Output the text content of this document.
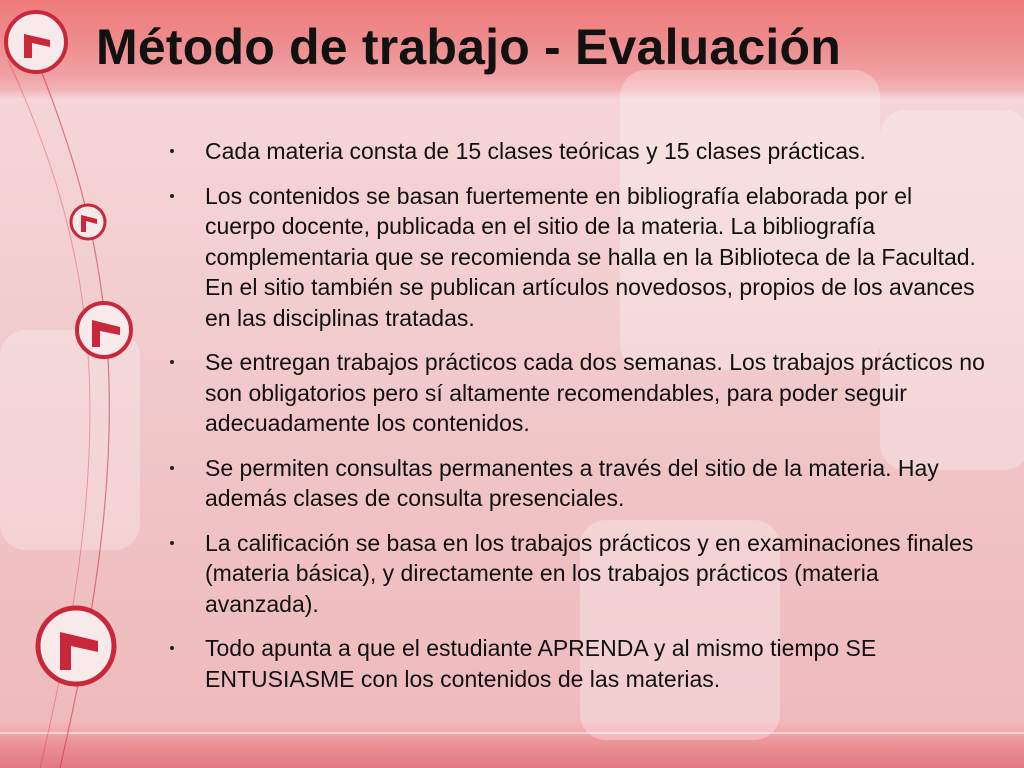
Método de trabajo - Evaluación
Cada materia consta de 15 clases teóricas y 15 clases prácticas.
Los contenidos se basan fuertemente en bibliografía elaborada por el cuerpo docente, publicada en el sitio de la materia. La bibliografía complementaria que se recomienda se halla en la Biblioteca de la Facultad. En el sitio también se publican artículos novedosos, propios de los avances en las disciplinas tratadas.
Se entregan trabajos prácticos cada dos semanas. Los trabajos prácticos no son obligatorios pero sí altamente recomendables, para poder seguir adecuadamente los contenidos.
Se permiten consultas permanentes a través del sitio de la materia. Hay además clases de consulta presenciales.
La calificación se basa en los trabajos prácticos y en examinaciones finales (materia básica), y directamente en los trabajos prácticos (materia avanzada).
Todo apunta a que el estudiante APRENDA y al mismo tiempo SE ENTUSIASME con los contenidos de las materias.
